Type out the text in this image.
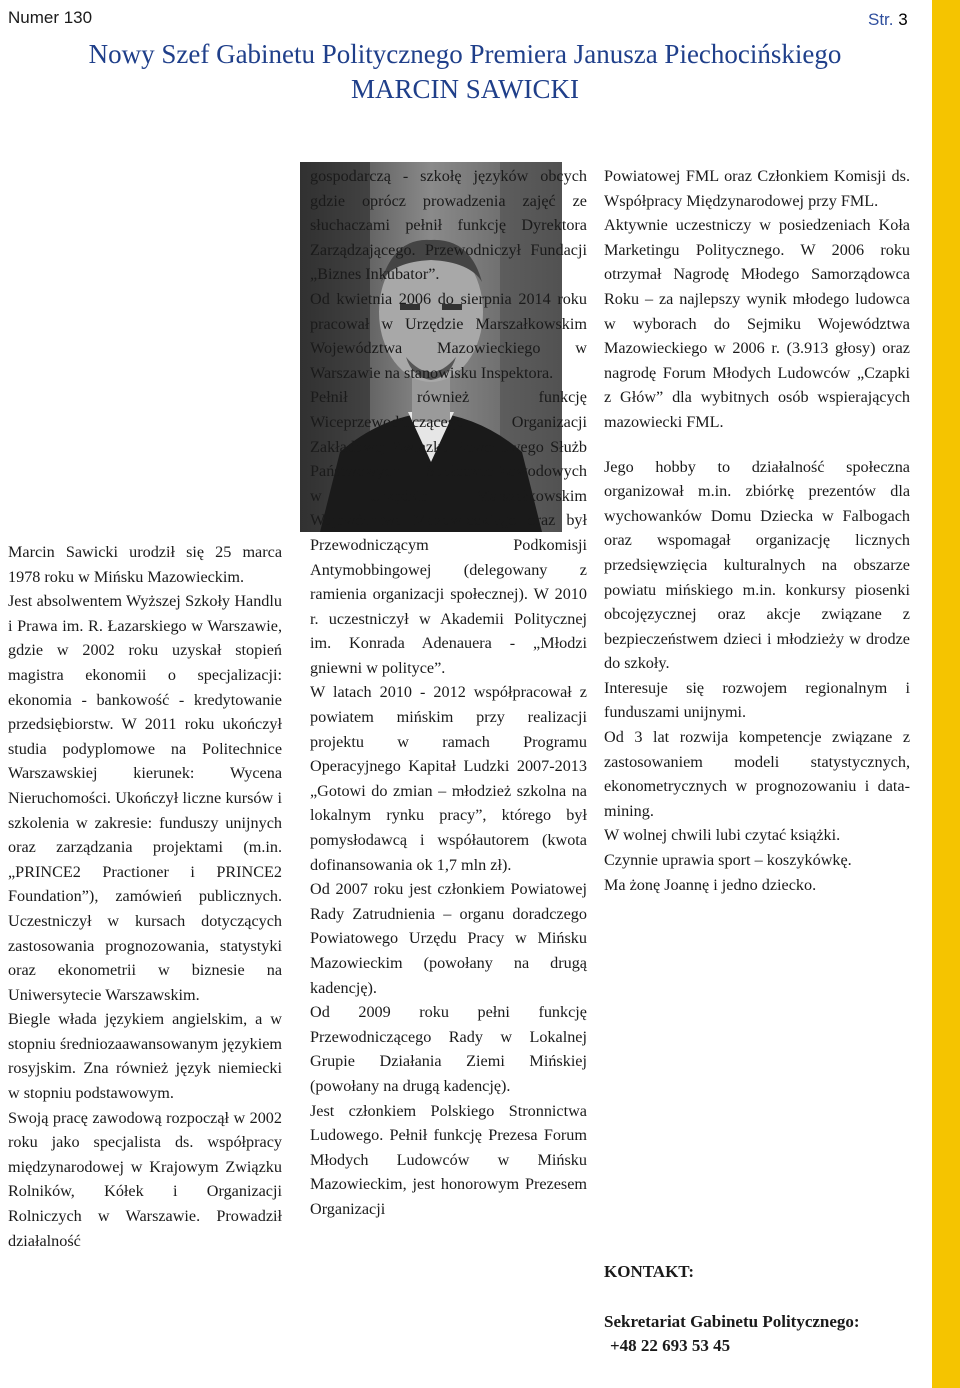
Numer 130	Str. 3
Nowy Szef Gabinetu Politycznego Premiera Janusza Piechocińskiego
MARCIN SAWICKI

Marcin Sawicki urodził się 25 marca 1978 roku w Mińsku Mazowieckim.

Jest absolwentem Wyższej Szkoły Handlu i Prawa im. R. Łazarskiego w Warszawie, gdzie w 2002 roku uzyskał stopień magistra ekonomii o specjalizacji: ekonomia - bankowość - kredytowanie przedsiębiorstw. W 2011 roku ukończył studia podyplomowe na Politechnice Warszawskiej kierunek: Wycena Nieruchomości. Ukończył liczne kursów i szkolenia w zakresie: funduszy unijnych oraz zarządzania projektami (m.in. „PRINCE2 Practioner i PRINCE2 Foundation”), zamówień publicznych. Uczestniczył w kursach dotyczących zastosowania prognozowania, statystyki oraz ekonometrii w biznesie na Uniwersytecie Warszawskim.

Biegle włada językiem angielskim, a w stopniu średniozaawansowanym językiem rosyjskim. Zna również język niemiecki w stopniu podstawowym.

Swoją pracę zawodową rozpoczął w 2002 roku jako specjalista ds. współpracy międzynarodowej w Krajowym Związku Rolników, Kółek i Organizacji Rolniczych w Warszawie. Prowadził działalność

gospodarczą - szkołę języków obcych gdzie oprócz prowadzenia zajęć ze słuchaczami pełnił funkcję Dyrektora Zarządzającego. Przewodniczył Fundacji „Biznes Inkubator”.

Od kwietnia 2006 do sierpnia 2014 roku pracował w Urzędzie Marszałkowskim Województwa Mazowieckiego w Warszawie na stanowisku Inspektora.

Pełnił również funkcję Wiceprzewodniczącego Organizacji Zakładowej Związku Zawodowego Służb Państwowych i Społeczno-Zawodowych w Urzędzie Marszałkowskim Województwa Mazowieckiego oraz był Przewodniczącym Podkomisji Antymobbingowej (delegowany z ramienia organizacji społecznej). W 2010 r. uczestniczył w Akademii Politycznej im. Konrada Adenauera - „Młodzi gniewni w polityce”.

W latach 2010 - 2012 współpracował z powiatem mińskim przy realizacji projektu w ramach Programu Operacyjnego Kapitał Ludzki 2007-2013 „Gotowi do zmian – młodzież szkolna na lokalnym rynku pracy”, którego był pomysłodawcą i współautorem (kwota dofinansowania ok 1,7 mln zł).

Od 2007 roku jest członkiem Powiatowej Rady Zatrudnienia – organu doradczego Powiatowego Urzędu Pracy w Mińsku Mazowieckim (powołany na drugą kadencję).

Od 2009 roku pełni funkcję Przewodniczącego Rady w Lokalnej Grupie Działania Ziemi Mińskiej (powołany na drugą kadencję).

Jest członkiem Polskiego Stronnictwa Ludowego. Pełnił funkcję Prezesa Forum Młodych Ludowców w Mińsku Mazowieckim, jest honorowym Prezesem Organizacji

Powiatowej FML oraz Członkiem Komisji ds. Współpracy Międzynarodowej przy FML.

Aktywnie uczestniczy w posiedzeniach Koła Marketingu Politycznego. W 2006 roku otrzymał Nagrodę Młodego Samorządowca Roku – za najlepszy wynik młodego ludowca w wyborach do Sejmiku Województwa Mazowieckiego w 2006 r. (3.913 głosy) oraz nagrodę Forum Młodych Ludowców „Czapki z Głów” dla wybitnych osób wspierających mazowiecki FML.

Jego hobby to działalność społeczna organizował m.in. zbiórkę prezentów dla wychowanków Domu Dziecka w Falbogach oraz wspomagał organizację licznych przedsięwzięcia kulturalnych na obszarze powiatu mińskiego m.in. konkursy piosenki obcojęzycznej oraz akcje związane z bezpieczeństwem dzieci i młodzieży w drodze do szkoły.

Interesuje się rozwojem regionalnym i funduszami unijnymi.

Od 3 lat rozwija kompetencje związane z zastosowaniem modeli statystycznych, ekonometrycznych w prognozowaniu i data-mining.

W wolnej chwili lubi czytać książki.

Czynnie uprawia sport – koszykówkę.

Ma żonę Joannę i jedno dziecko.

KONTAKT:
Sekretariat Gabinetu Politycznego:
+48 22 693 53 45
